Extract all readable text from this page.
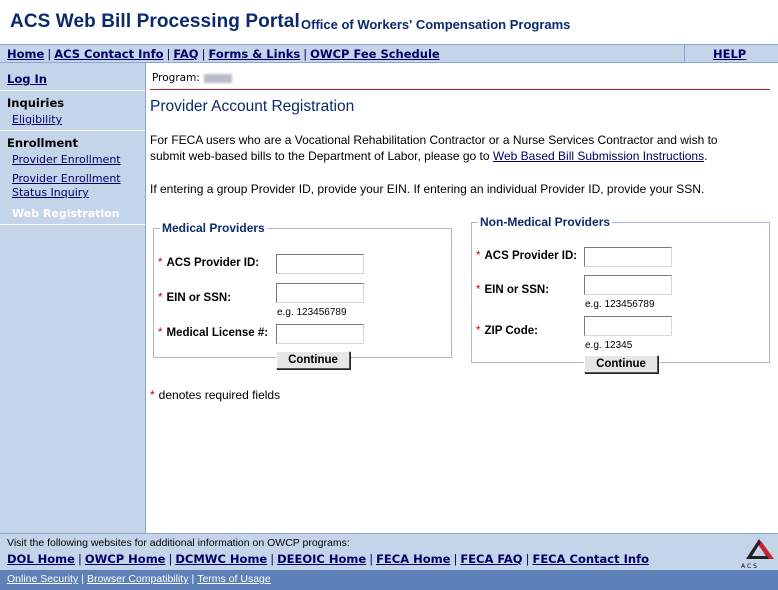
ACS Web Bill Processing Portal Office of Workers' Compensation Programs
Home | ACS Contact Info | FAQ | Forms & Links | OWCP Fee Schedule	HELP
Log In
Inquiries
Eligibility
Enrollment
Provider Enrollment
Provider Enrollment
Status Inquiry
Web Registration
Program:
Provider Account Registration
For FECA users who are a Vocational Rehabilitation Contractor or a Nurse Services Contractor and wish to submit web-based bills to the Department of Labor, please go to Web Based Bill Submission Instructions.
If entering a group Provider ID, provide your EIN. If entering an individual Provider ID, provide your SSN.
Medical Providers
* ACS Provider ID:
* EIN or SSN:
e.g. 123456789
* Medical License #:
Continue
Non-Medical Providers
* ACS Provider ID:
* EIN or SSN:
e.g. 123456789
* ZIP Code:
e.g. 12345
Continue
* denotes required fields
Visit the following websites for additional information on OWCP programs:
DOL Home | OWCP Home | DCMWC Home | DEEOIC Home | FECA Home | FECA FAQ | FECA Contact Info
A C S
Online Security | Browser Compatibility | Terms of Usage
